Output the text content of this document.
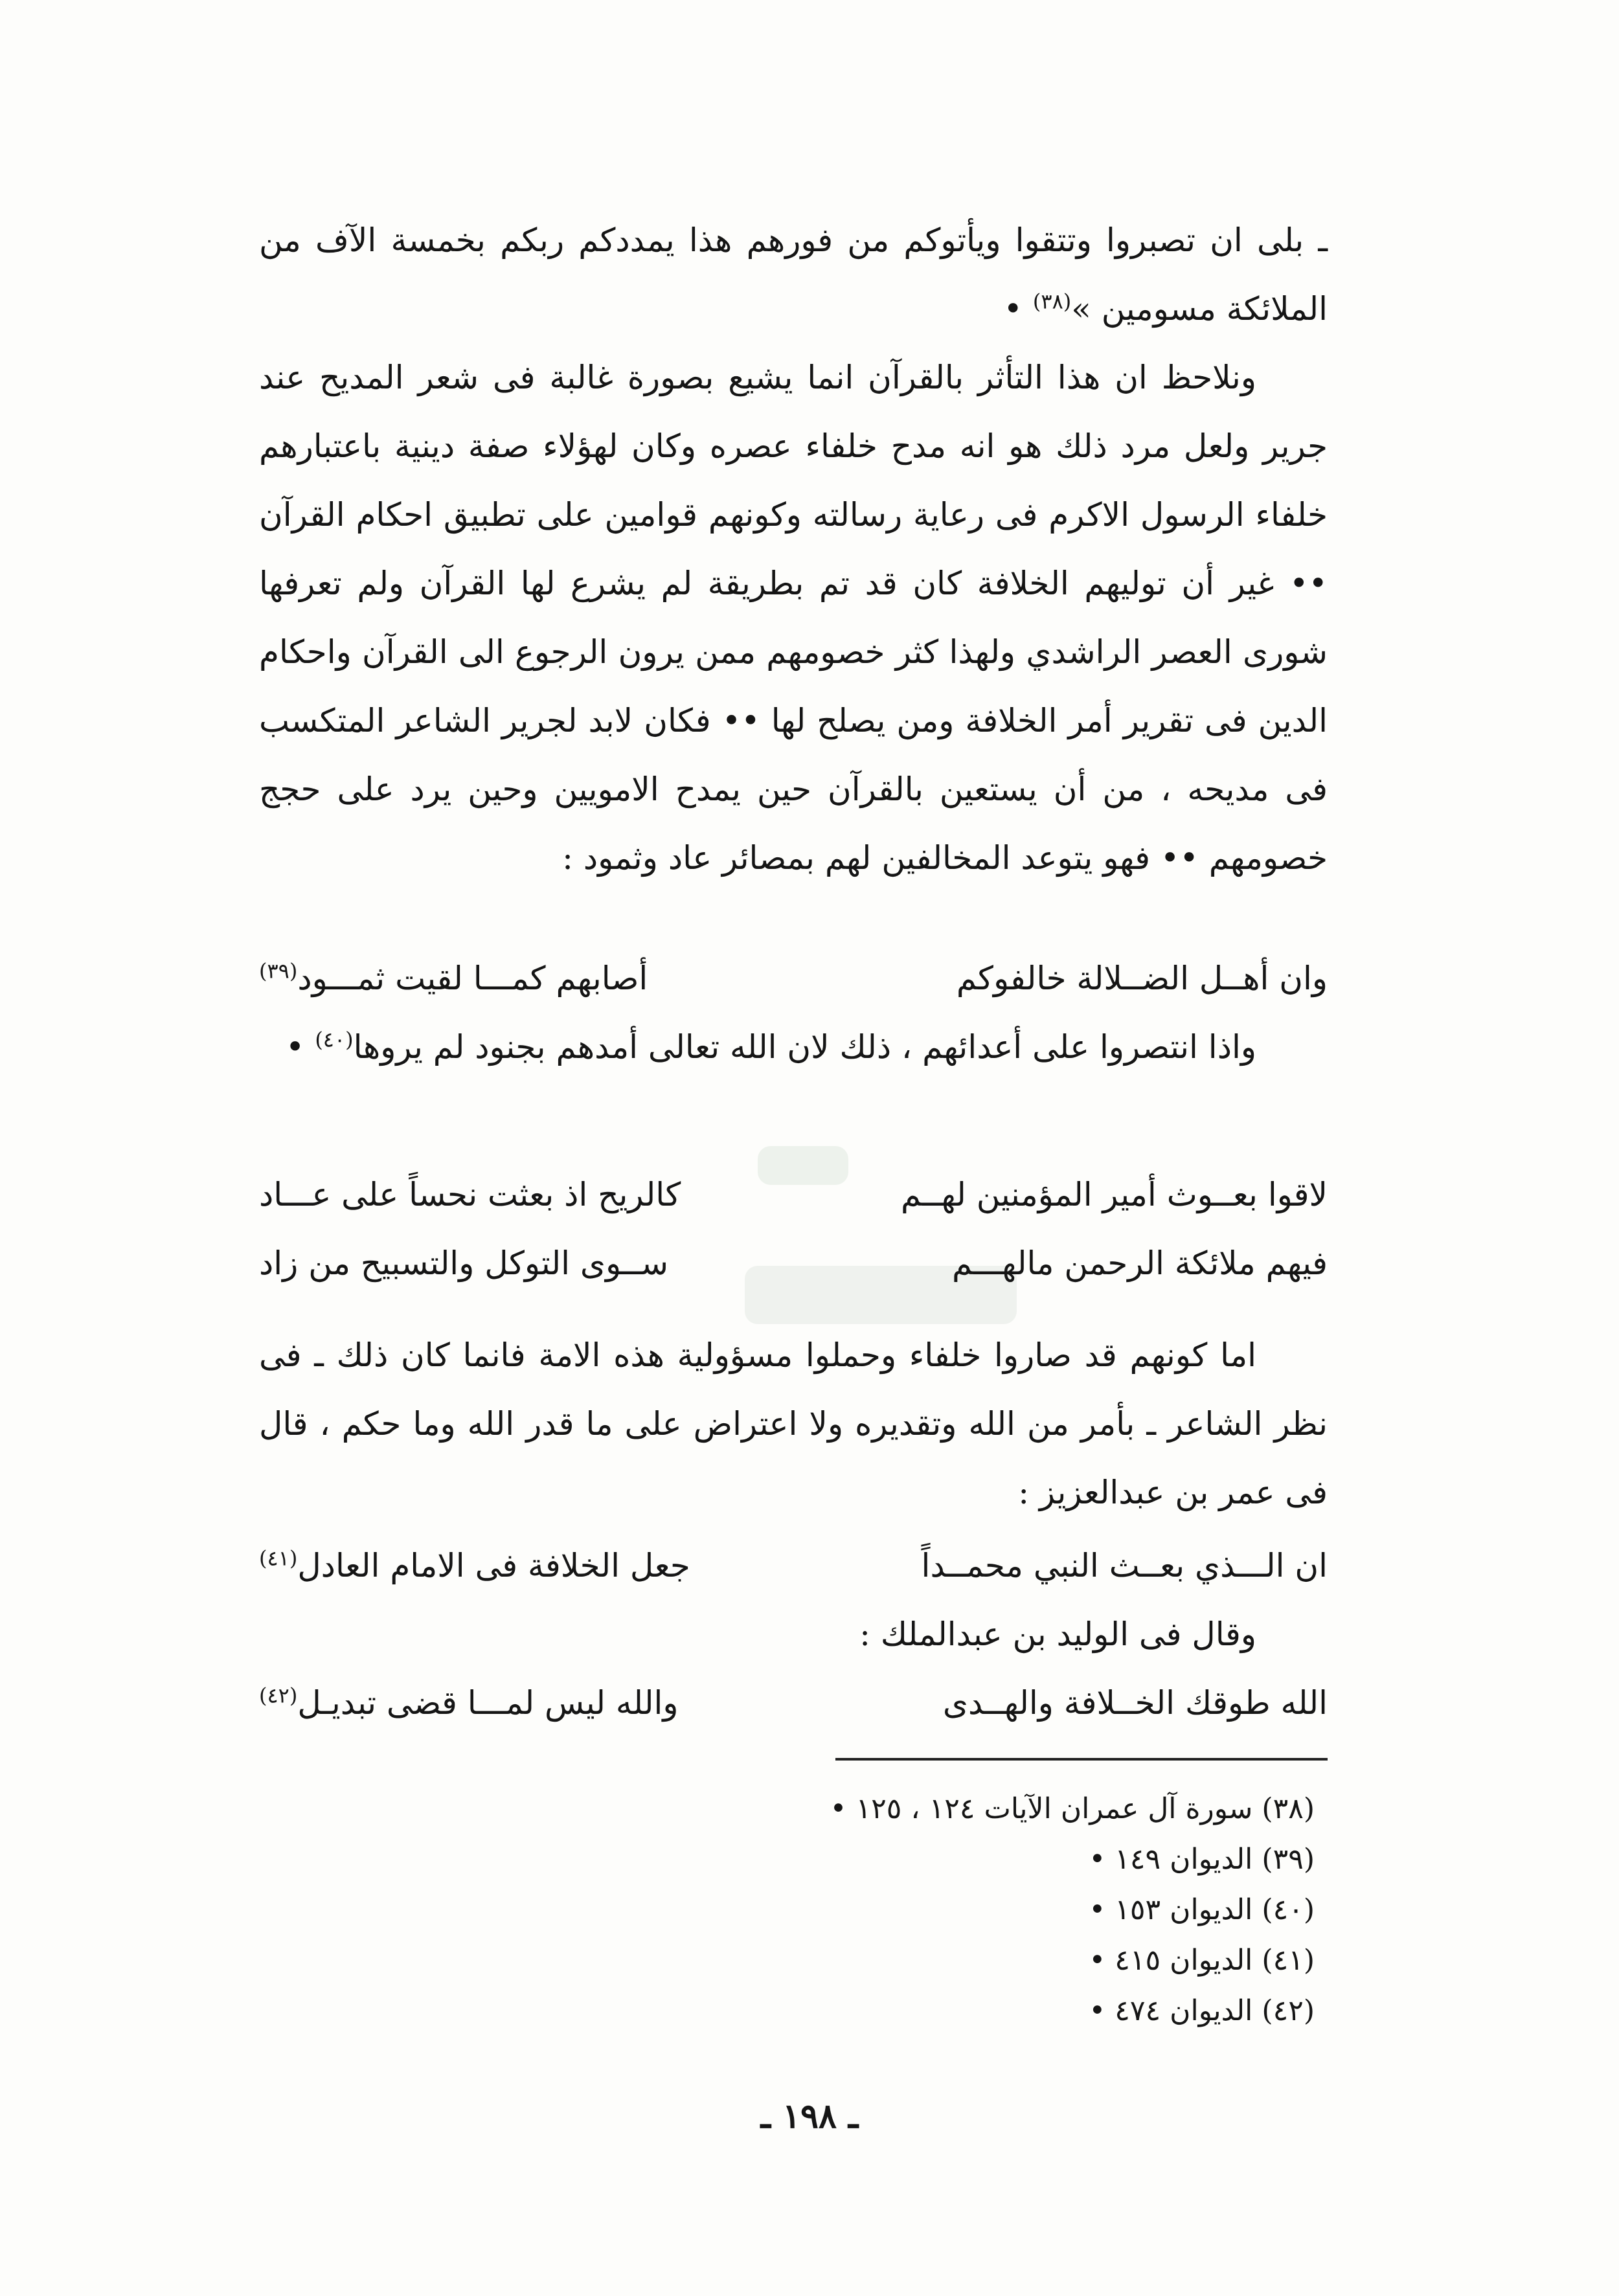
ـ بلى ان تصبروا وتتقوا ويأتوكم من فورهم هذا يمددكم ربكم بخمسة الآف من الملائكة مسومين »$^{(٣٨)}$ •

ونلاحظ ان هذا التأثر بالقرآن انما يشيع بصورة غالبة فى شعر المديح عند جرير ولعل مرد ذلك هو انه مدح خلفاء عصره وكان لهؤلاء صفة دينية باعتبارهم خلفاء الرسول الاكرم فى رعاية رسالته وكونهم قوامين على تطبيق احكام القرآن •• غير أن توليهم الخلافة كان قد تم بطريقة لم يشرع لها القرآن ولم تعرفها شورى العصر الراشدي ولهذا كثر خصومهم ممن يرون الرجوع الى القرآن واحكام الدين فى تقرير أمر الخلافة ومن يصلح لها •• فكان لابد لجرير الشاعر المتكسب فى مديحه ، من أن يستعين بالقرآن حين يمدح الامويين وحين يرد على حجج خصومهم •• فهو يتوعد المخالفين لهم بمصائر عاد وثمود :

وان أهــل الضــلالة خالفوكم
أصابهم كمـــا لقيت ثمـــود$^{(٣٩)}$

واذا انتصروا على أعدائهم ، ذلك لان الله تعالى أمدهم بجنود لم يروها$^{(٤٠)}$ •

لاقوا بعــوث أمير المؤمنين لهــم
كالريح اذ بعثت نحساً على عـــاد
فيهم ملائكة الرحمن مالهـــم
ســوى التوكل والتسبيح من زاد

اما كونهم قد صاروا خلفاء وحملوا مسؤولية هذه الامة فانما كان ذلك ـ فى نظر الشاعر ـ بأمر من الله وتقديره ولا اعتراض على ما قدر الله وما حكم ، قال فى عمر بن عبدالعزيز :

ان الـــذي بعــث النبي محمــداً
جعل الخلافة فى الامام العادل$^{(٤١)}$

وقال فى الوليد بن عبدالملك :

الله طوقك الخــلافة والهــدى
والله ليس لمـــا قضى تبديـل$^{(٤٢)}$

(٣٨) سورة آل عمران الآيات ١٢٤ ، ١٢٥ •

(٣٩) الديوان ١٤٩ •

(٤٠) الديوان ١٥٣ •

(٤١) الديوان ٤١٥ •

(٤٢) الديوان ٤٧٤ •

ـ ١٩٨ ـ
